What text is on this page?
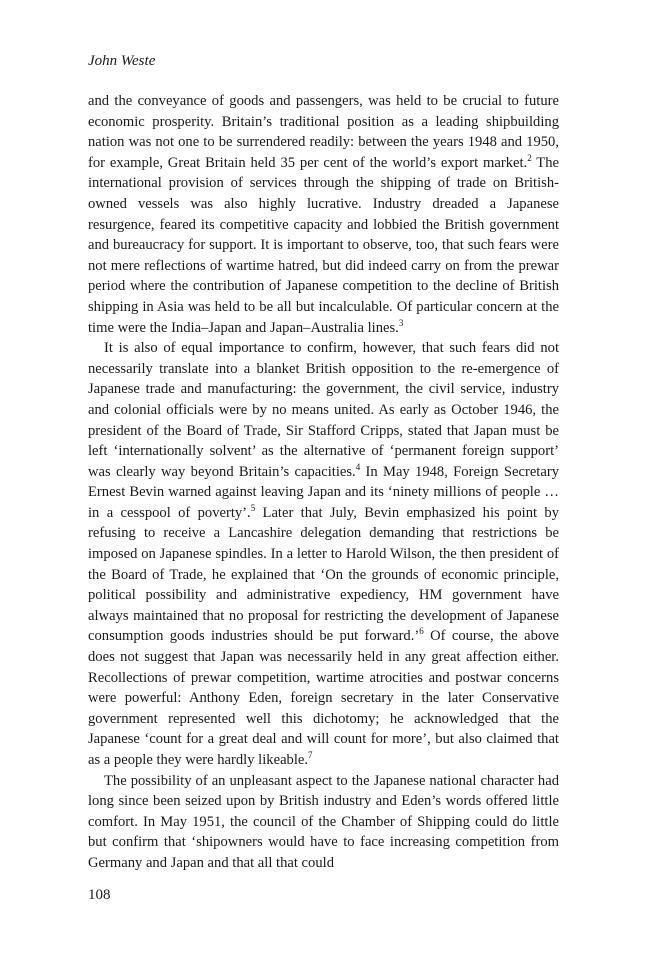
John Weste

and the conveyance of goods and passengers, was held to be crucial to future economic prosperity. Britain’s traditional position as a leading shipbuilding nation was not one to be surrendered readily: between the years 1948 and 1950, for example, Great Britain held 35 per cent of the world’s export market.$^2$ The international provision of services through the shipping of trade on British-owned vessels was also highly lucrative. Industry dreaded a Japanese resurgence, feared its competitive capacity and lobbied the British government and bureaucracy for support. It is important to observe, too, that such fears were not mere reflections of wartime hatred, but did indeed carry on from the prewar period where the contribution of Japanese competition to the decline of British shipping in Asia was held to be all but incalculable. Of particular concern at the time were the India–Japan and Japan–Australia lines.$^3$

It is also of equal importance to confirm, however, that such fears did not necessarily translate into a blanket British opposition to the re-emergence of Japanese trade and manufacturing: the government, the civil service, industry and colonial officials were by no means united. As early as October 1946, the president of the Board of Trade, Sir Stafford Cripps, stated that Japan must be left ‘internationally solvent’ as the alternative of ‘permanent foreign support’ was clearly way beyond Britain’s capacities.$^4$ In May 1948, Foreign Secretary Ernest Bevin warned against leaving Japan and its ‘ninety millions of people … in a cesspool of poverty’.$^5$ Later that July, Bevin emphasized his point by refusing to receive a Lancashire delegation demanding that restrictions be imposed on Japanese spindles. In a letter to Harold Wilson, the then president of the Board of Trade, he explained that ‘On the grounds of economic principle, political possibility and administrative expediency, HM government have always maintained that no proposal for restricting the development of Japanese consumption goods industries should be put forward.’$^6$ Of course, the above does not suggest that Japan was necessarily held in any great affection either. Recollections of prewar competition, wartime atrocities and postwar concerns were powerful: Anthony Eden, foreign secretary in the later Conservative government represented well this dichotomy; he acknowledged that the Japanese ‘count for a great deal and will count for more’, but also claimed that as a people they were hardly likeable.$^7$

The possibility of an unpleasant aspect to the Japanese national character had long since been seized upon by British industry and Eden’s words offered little comfort. In May 1951, the council of the Chamber of Shipping could do little but confirm that ‘shipowners would have to face increasing competition from Germany and Japan and that all that could

108
